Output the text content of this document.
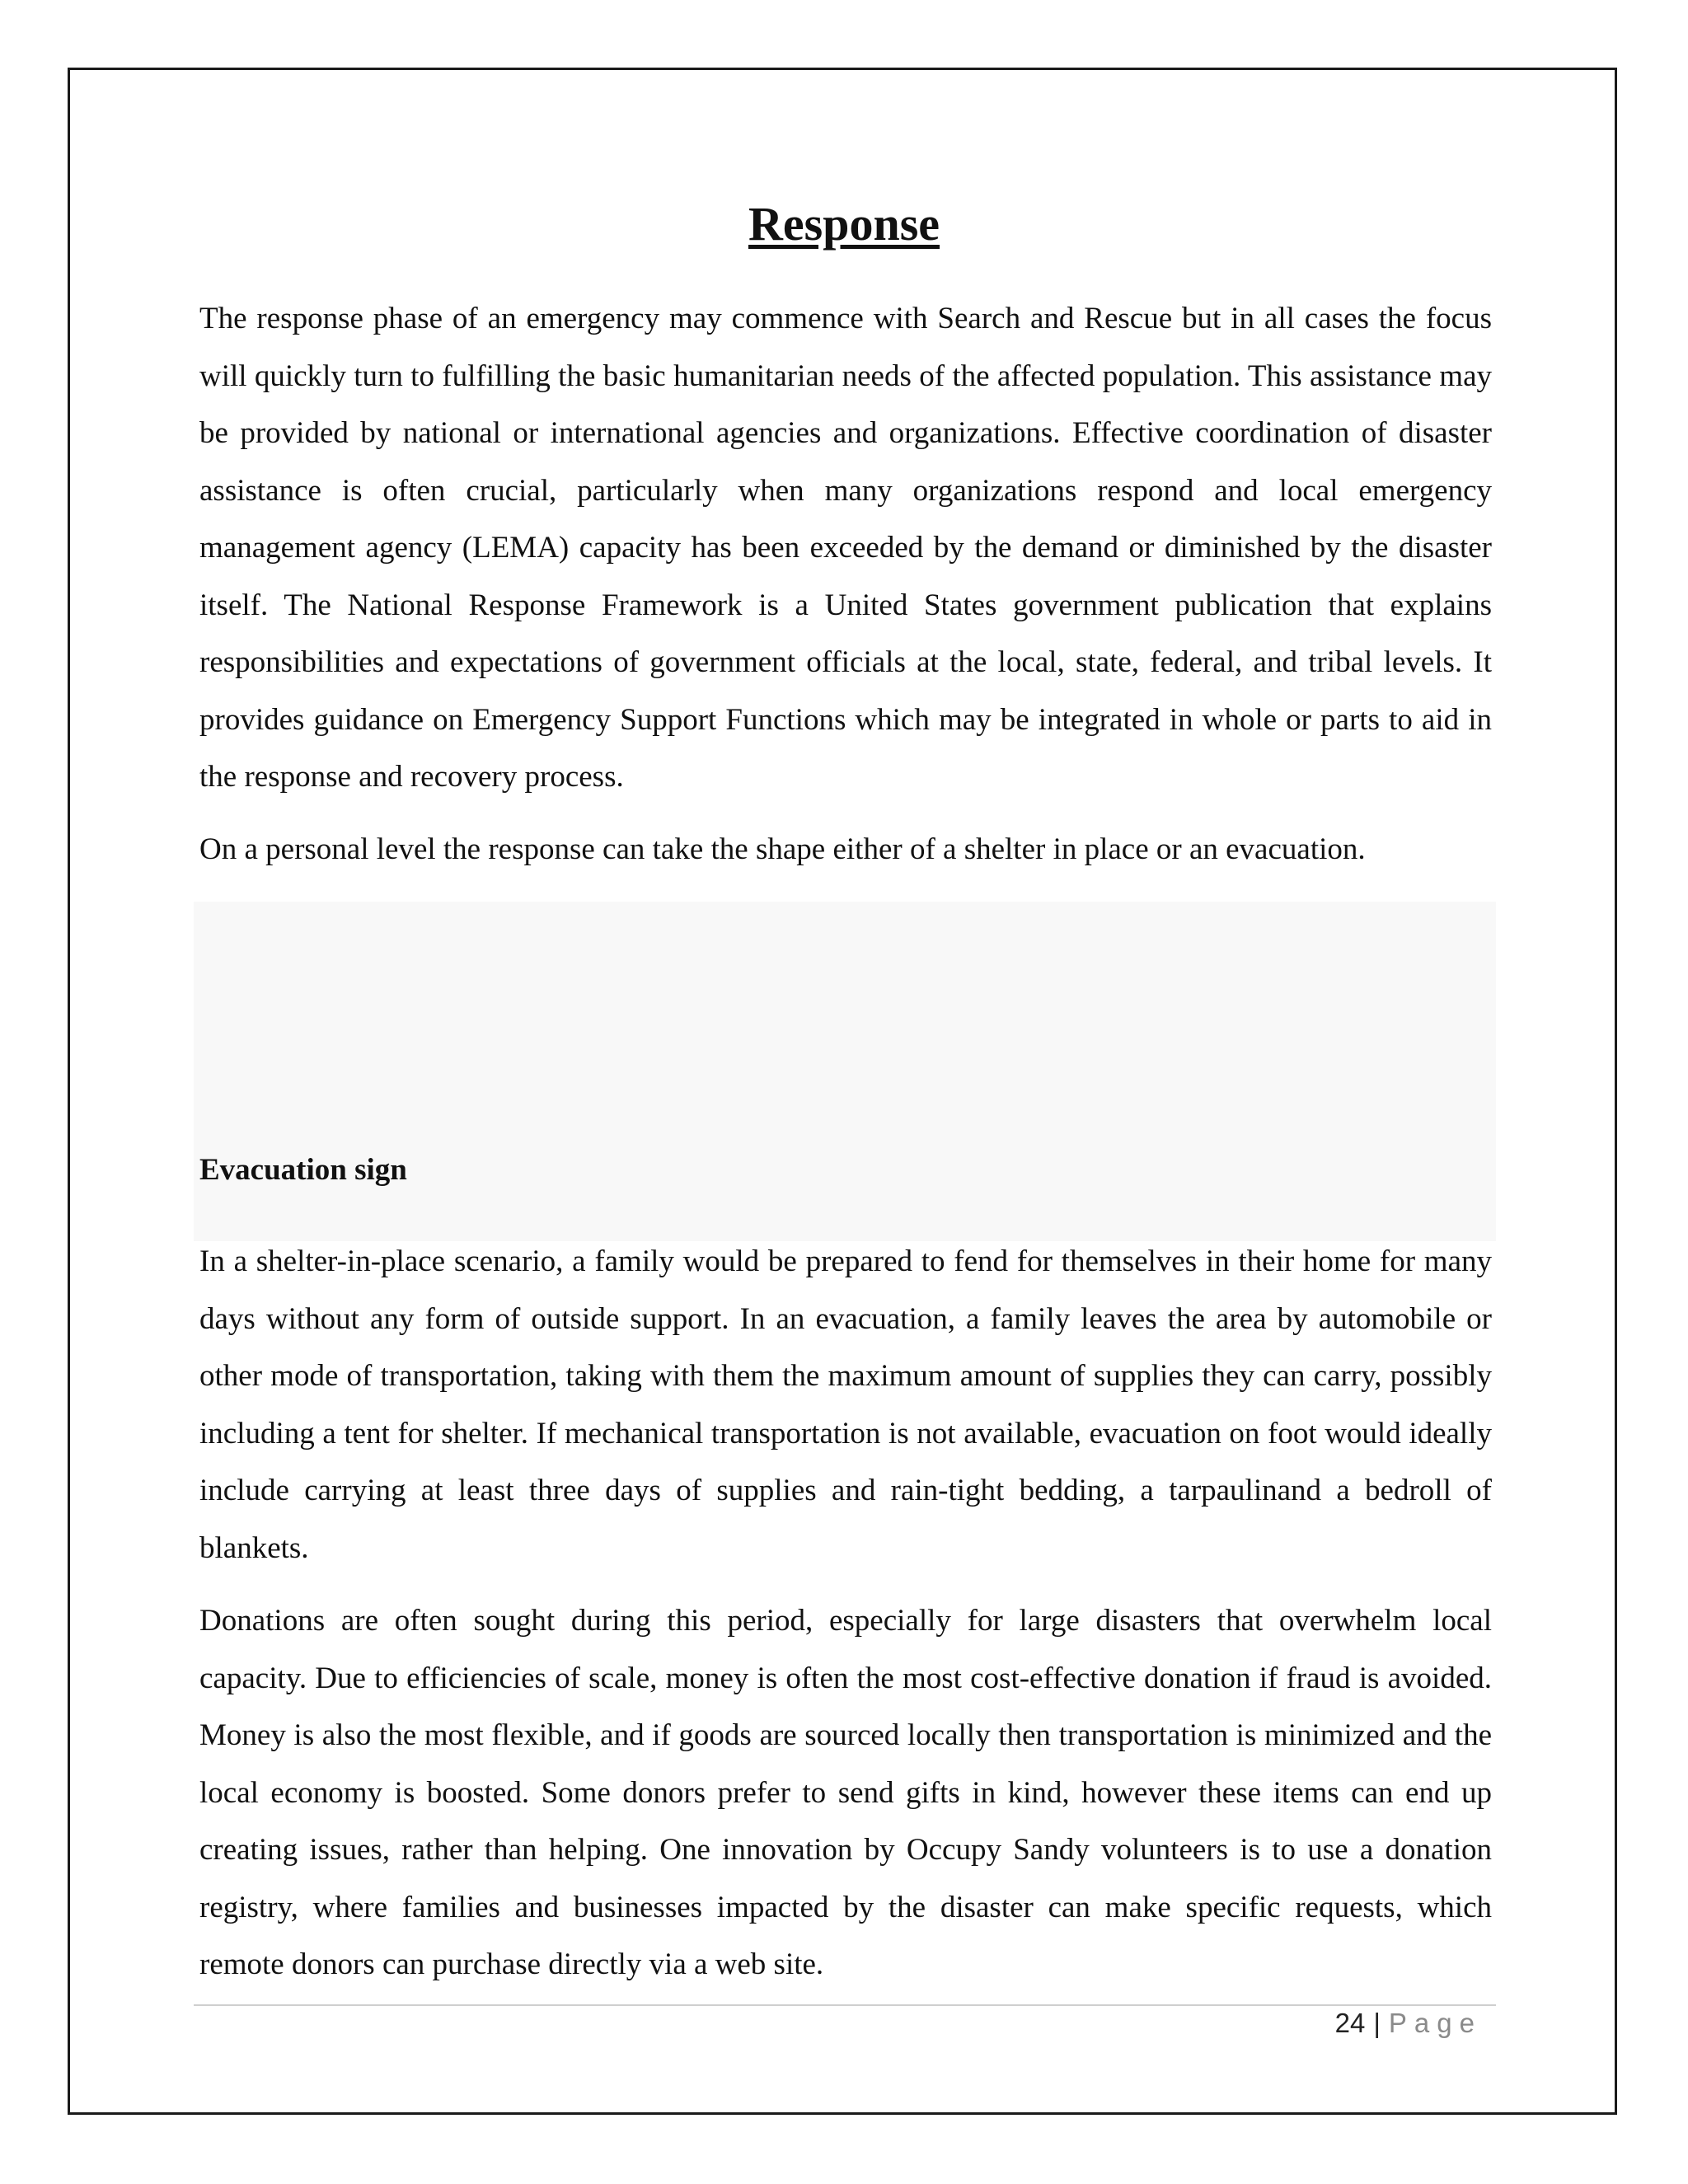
Response

The response phase of an emergency may commence with Search and Rescue but in all cases the focus will quickly turn to fulfilling the basic humanitarian needs of the affected population. This assistance may be provided by national or international agencies and organizations. Effective coordination of disaster assistance is often crucial, particularly when many organizations respond and local emergency management agency (LEMA) capacity has been exceeded by the demand or diminished by the disaster itself. The National Response Framework is a United States government publication that explains responsibilities and expectations of government officials at the local, state, federal, and tribal levels. It provides guidance on Emergency Support Functions which may be integrated in whole or parts to aid in the response and recovery process.

On a personal level the response can take the shape either of a shelter in place or an evacuation.

Evacuation sign

In a shelter-in-place scenario, a family would be prepared to fend for themselves in their home for many days without any form of outside support. In an evacuation, a family leaves the area by automobile or other mode of transportation, taking with them the maximum amount of supplies they can carry, possibly including a tent for shelter. If mechanical transportation is not available, evacuation on foot would ideally include carrying at least three days of supplies and rain-tight bedding, a tarpaulinand a bedroll of blankets.

Donations are often sought during this period, especially for large disasters that overwhelm local capacity. Due to efficiencies of scale, money is often the most cost-effective donation if fraud is avoided. Money is also the most flexible, and if goods are sourced locally then transportation is minimized and the local economy is boosted. Some donors prefer to send gifts in kind, however these items can end up creating issues, rather than helping. One innovation by Occupy Sandy volunteers is to use a donation registry, where families and businesses impacted by the disaster can make specific requests, which remote donors can purchase directly via a web site.

24 | Page
